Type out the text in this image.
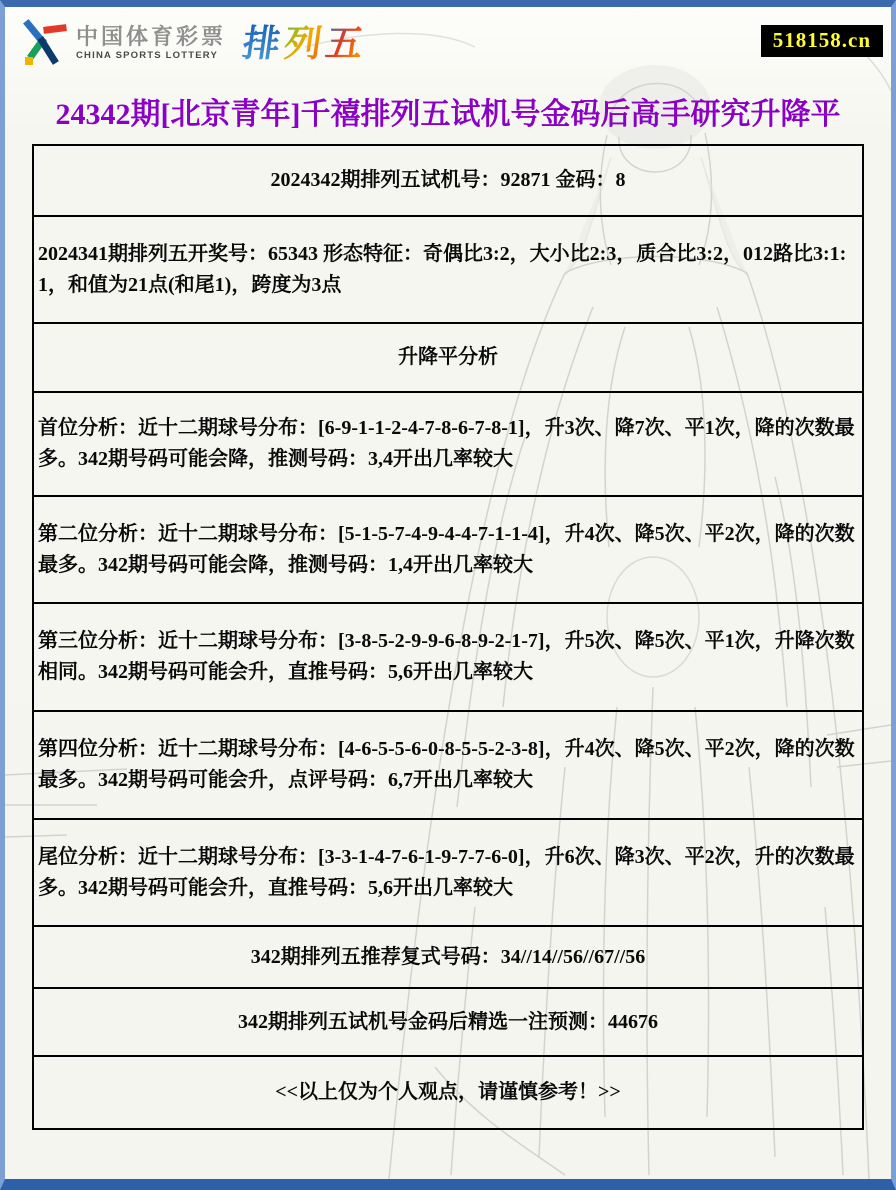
中国体育彩票
CHINA SPORTS LOTTERY 排 列 五	518158.cn
24342期[北京青年]千禧排列五试机号金码后高手研究升降平
2024342期排列五试机号：92871 金码：8
2024341期排列五开奖号：65343 形态特征：奇偶比3:2，大小比2:3，质合比3:2，012路比3:1:1，和值为21点(和尾1)，跨度为3点
升降平分析
首位分析：近十二期球号分布：[6-9-1-1-2-4-7-8-6-7-8-1]，升3次、降7次、平1次，降的次数最多。342期号码可能会降，推测号码：3,4开出几率较大
第二位分析：近十二期球号分布：[5-1-5-7-4-9-4-4-7-1-1-4]，升4次、降5次、平2次，降的次数最多。342期号码可能会降，推测号码：1,4开出几率较大
第三位分析：近十二期球号分布：[3-8-5-2-9-9-6-8-9-2-1-7]，升5次、降5次、平1次，升降次数相同。342期号码可能会升，直推号码：5,6开出几率较大
第四位分析：近十二期球号分布：[4-6-5-5-6-0-8-5-5-2-3-8]，升4次、降5次、平2次，降的次数最多。342期号码可能会升，点评号码：6,7开出几率较大
尾位分析：近十二期球号分布：[3-3-1-4-7-6-1-9-7-7-6-0]，升6次、降3次、平2次，升的次数最多。342期号码可能会升，直推号码：5,6开出几率较大
342期排列五推荐复式号码：34//14//56//67//56
342期排列五试机号金码后精选一注预测：44676
<<以上仅为个人观点，请谨慎参考！>>
